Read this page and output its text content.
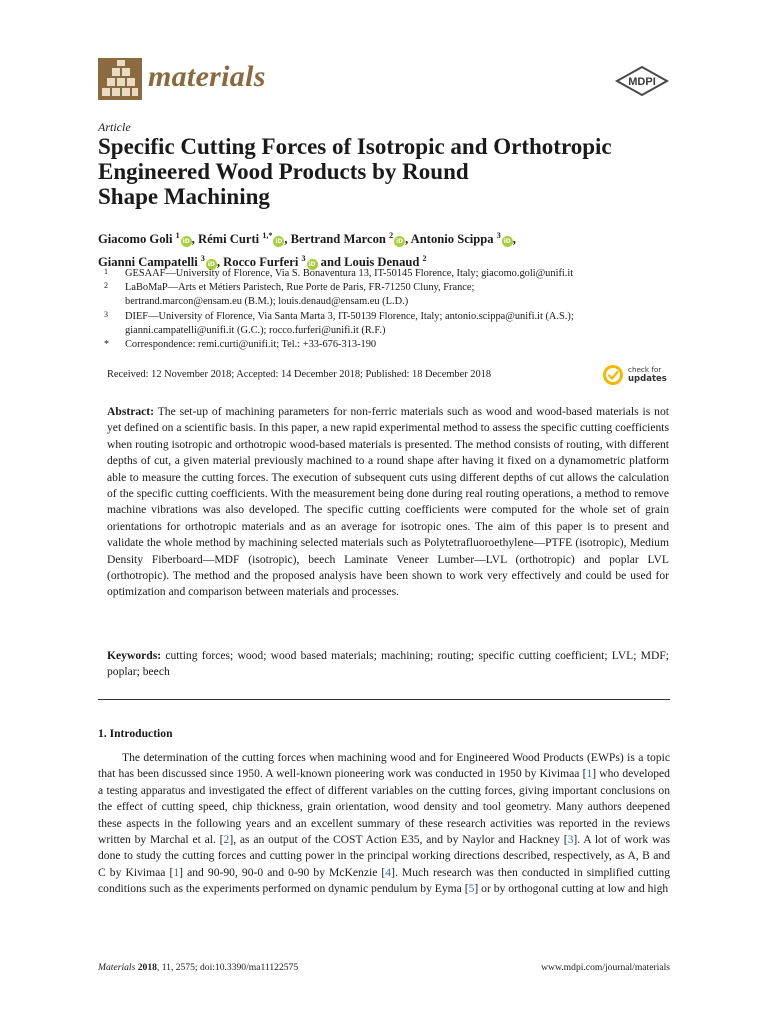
materials	MDPI
Article
Specific Cutting Forces of Isotropic and Orthotropic
Engineered Wood Products by Round
Shape Machining
Giacomo Goli $^1$iD , Rémi Curti $^{1,*}$iD , Bertrand Marcon $^2$iD , Antonio Scippa $^3$iD ,
Gianni Campatelli $^3$iD , Rocco Furferi $^3$iD and Louis Denaud $^2$
1 GESAAF—University of Florence, Via S. Bonaventura 13, IT-50145 Florence, Italy; giacomo.goli@unifi.it
2 LaBoMaP—Arts et Métiers Paristech, Rue Porte de Paris, FR-71250 Cluny, France;
bertrand.marcon@ensam.eu (B.M.); louis.denaud@ensam.eu (L.D.)
3 DIEF—University of Florence, Via Santa Marta 3, IT-50139 Florence, Italy; antonio.scippa@unifi.it (A.S.);
gianni.campatelli@unifi.it (G.C.); rocco.furferi@unifi.it (R.F.)
* Correspondence: remi.curti@unifi.it; Tel.: +33-676-313-190
Received: 12 November 2018; Accepted: 14 December 2018; Published: 18 December 2018	check for
updates

Abstract: The set-up of machining parameters for non-ferric materials such as wood and wood-based materials is not yet defined on a scientific basis. In this paper, a new rapid experimental method to assess the specific cutting coefficients when routing isotropic and orthotropic wood-based materials is presented. The method consists of routing, with different depths of cut, a given material previously machined to a round shape after having it fixed on a dynamometric platform able to measure the cutting forces. The execution of subsequent cuts using different depths of cut allows the calculation of the specific cutting coefficients. With the measurement being done during real routing operations, a method to remove machine vibrations was also developed. The specific cutting coefficients were computed for the whole set of grain orientations for orthotropic materials and as an average for isotropic ones. The aim of this paper is to present and validate the whole method by machining selected materials such as Polytetrafluoroethylene—PTFE (isotropic), Medium Density Fiberboard—MDF (isotropic), beech Laminate Veneer Lumber—LVL (orthotropic) and poplar LVL (orthotropic). The method and the proposed analysis have been shown to work very effectively and could be used for optimization and comparison between materials and processes.

Keywords: cutting forces; wood; wood based materials; machining; routing; specific cutting coefficient; LVL; MDF; poplar; beech

1. Introduction

The determination of the cutting forces when machining wood and for Engineered Wood Products (EWPs) is a topic that has been discussed since 1950. A well-known pioneering work was conducted in 1950 by Kivimaa [1] who developed a testing apparatus and investigated the effect of different variables on the cutting forces, giving important conclusions on the effect of cutting speed, chip thickness, grain orientation, wood density and tool geometry. Many authors deepened these aspects in the following years and an excellent summary of these research activities was reported in the reviews written by Marchal et al. [2], as an output of the COST Action E35, and by Naylor and Hackney [3]. A lot of work was done to study the cutting forces and cutting power in the principal working directions described, respectively, as A, B and C by Kivimaa [1] and 90-90, 90-0 and 0-90 by McKenzie [4]. Much research was then conducted in simplified cutting conditions such as the experiments performed on dynamic pendulum by Eyma [5] or by orthogonal cutting at low and high

Materials 2018, 11, 2575; doi:10.3390/ma11122575	www.mdpi.com/journal/materials
